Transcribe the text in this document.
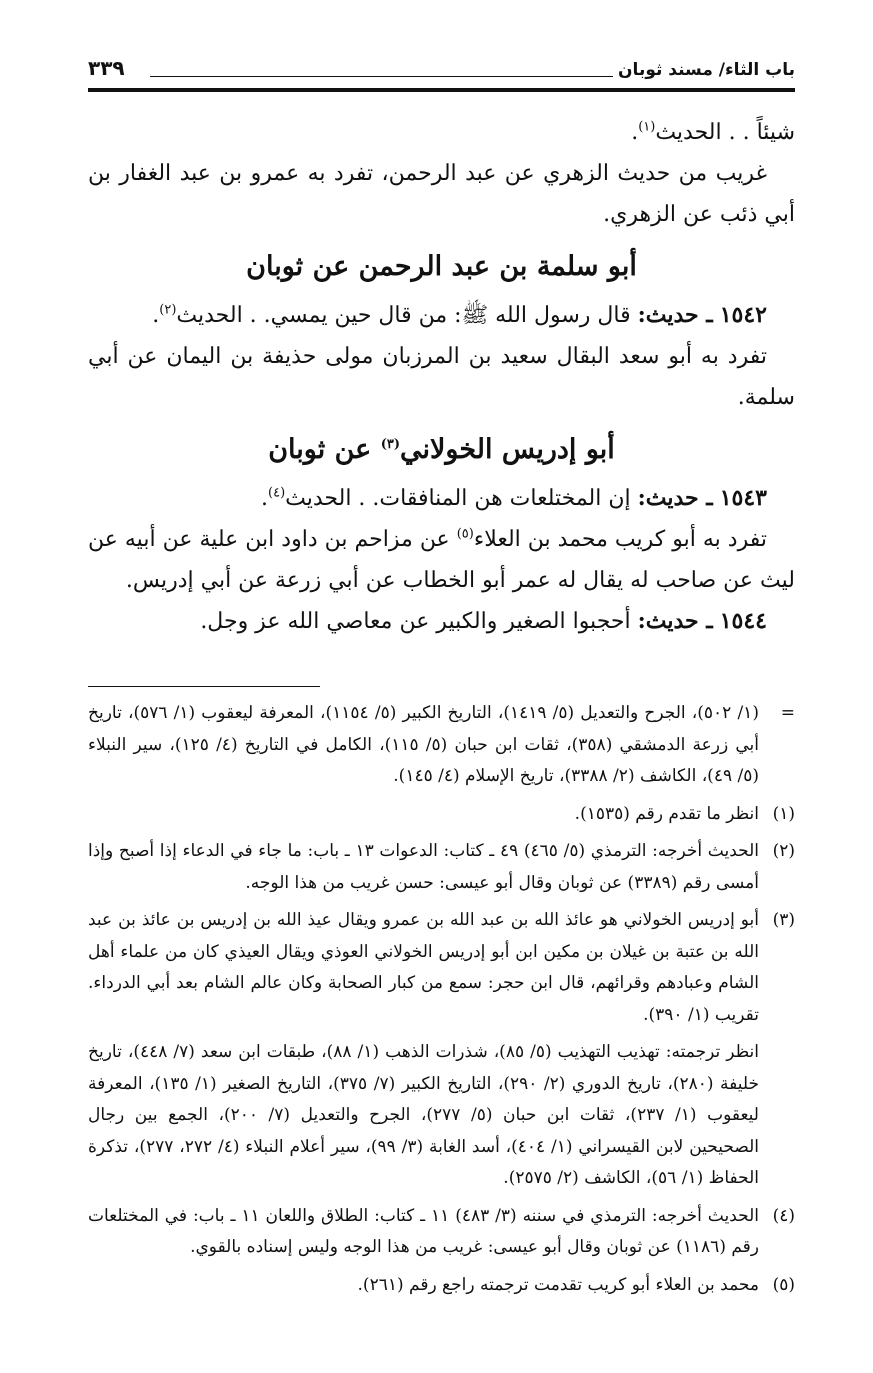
باب الثاء/ مسند ثوبان
٣٣٩

شيئاً . . الحديث$^{(١)}$.

غريب من حديث الزهري عن عبد الرحمن، تفرد به عمرو بن عبد الغفار بن أبي ذئب عن الزهري.

أبو سلمة بن عبد الرحمن عن ثوبان

١٥٤٢ ـ حديث: قال رسول الله ﷺ: من قال حين يمسي. . الحديث$^{(٢)}$.

تفرد به أبو سعد البقال سعيد بن المرزبان مولى حذيفة بن اليمان عن أبي سلمة.

أبو إدريس الخولاني$^{(٣)}$ عن ثوبان

١٥٤٣ ـ حديث: إن المختلعات هن المنافقات. . الحديث$^{(٤)}$.

تفرد به أبو كريب محمد بن العلاء$^{(٥)}$ عن مزاحم بن داود ابن علية عن أبيه عن ليث عن صاحب له يقال له عمر أبو الخطاب عن أبي زرعة عن أبي إدريس.

١٥٤٤ ـ حديث: أحجبوا الصغير والكبير عن معاصي الله عز وجل.

=
(١/ ٥٠٢)، الجرح والتعديل (٥/ ١٤١٩)، التاريخ الكبير (٥/ ١١٥٤)، المعرفة ليعقوب (١/ ٥٧٦)، تاريخ أبي زرعة الدمشقي (٣٥٨)، ثقات ابن حبان (٥/ ١١٥)، الكامل في التاريخ (٤/ ١٢٥)، سير النبلاء (٥/ ٤٩)، الكاشف (٢/ ٣٣٨٨)، تاريخ الإسلام (٤/ ١٤٥).
(١)
انظر ما تقدم رقم (١٥٣٥).
(٢)
الحديث أخرجه: الترمذي (٥/ ٤٦٥) ٤٩ ـ كتاب: الدعوات ١٣ ـ باب: ما جاء في الدعاء إذا أصبح وإذا أمسى رقم (٣٣٨٩) عن ثوبان وقال أبو عيسى: حسن غريب من هذا الوجه.
(٣)
أبو إدريس الخولاني هو عائذ الله بن عبد الله بن عمرو ويقال عيذ الله بن إدريس بن عائذ بن عبد الله بن عتبة بن غيلان بن مكين ابن أبو إدريس الخولاني العوذي ويقال العيذي كان من علماء أهل الشام وعبادهم وقرائهم، قال ابن حجر: سمع من كبار الصحابة وكان عالم الشام بعد أبي الدرداء. تقريب (١/ ٣٩٠).
انظر ترجمته: تهذيب التهذيب (٥/ ٨٥)، شذرات الذهب (١/ ٨٨)، طبقات ابن سعد (٧/ ٤٤٨)، تاريخ خليفة (٢٨٠)، تاريخ الدوري (٢/ ٢٩٠)، التاريخ الكبير (٧/ ٣٧٥)، التاريخ الصغير (١/ ١٣٥)، المعرفة ليعقوب (١/ ٢٣٧)، ثقات ابن حبان (٥/ ٢٧٧)، الجرح والتعديل (٧/ ٢٠٠)، الجمع بين رجال الصحيحين لابن القيسراني (١/ ٤٠٤)، أسد الغابة (٣/ ٩٩)، سير أعلام النبلاء (٤/ ٢٧٢، ٢٧٧)، تذكرة الحفاظ (١/ ٥٦)، الكاشف (٢/ ٢٥٧٥).
(٤)
الحديث أخرجه: الترمذي في سننه (٣/ ٤٨٣) ١١ ـ كتاب: الطلاق واللعان ١١ ـ باب: في المختلعات رقم (١١٨٦) عن ثوبان وقال أبو عيسى: غريب من هذا الوجه وليس إسناده بالقوي.
(٥)
محمد بن العلاء أبو كريب تقدمت ترجمته راجع رقم (٢٦١).
